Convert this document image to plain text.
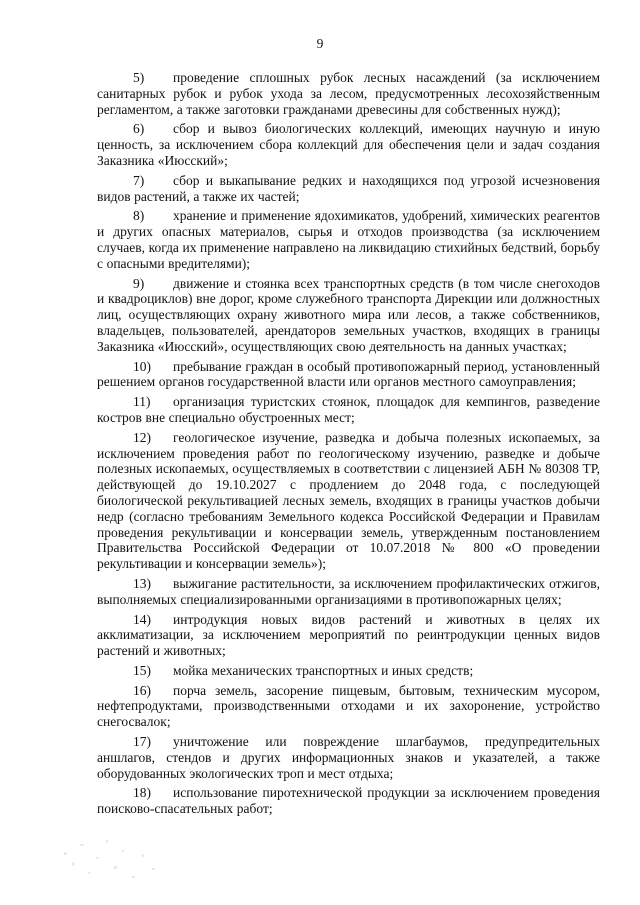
9

5) проведение сплошных рубок лесных насаждений (за исключением санитарных рубок и рубок ухода за лесом, предусмотренных лесохозяйственным регламентом, а также заготовки гражданами древесины для собственных нужд);

6) сбор и вывоз биологических коллекций, имеющих научную и иную ценность, за исключением сбора коллекций для обеспечения цели и задач создания Заказника «Июсский»;

7) сбор и выкапывание редких и находящихся под угрозой исчезновения видов растений, а также их частей;

8) хранение и применение ядохимикатов, удобрений, химических реагентов и других опасных материалов, сырья и отходов производства (за исключением случаев, когда их применение направлено на ликвидацию стихийных бедствий, борьбу с опасными вредителями);

9) движение и стоянка всех транспортных средств (в том числе снегоходов и квадроциклов) вне дорог, кроме служебного транспорта Дирекции или должностных лиц, осуществляющих охрану животного мира или лесов, а также собственников, владельцев, пользователей, арендаторов земельных участков, входящих в границы Заказника «Июсский», осуществляющих свою деятельность на данных участках;

10) пребывание граждан в особый противопожарный период, установленный решением органов государственной власти или органов местного самоуправления;

11) организация туристских стоянок, площадок для кемпингов, разведение костров вне специально обустроенных мест;

12) геологическое изучение, разведка и добыча полезных ископаемых, за исключением проведения работ по геологическому изучению, разведке и добыче полезных ископаемых, осуществляемых в соответствии с лицензией АБН № 80308 ТР, действующей до 19.10.2027 с продлением до 2048 года, с последующей биологической рекультивацией лесных земель, входящих в границы участков добычи недр (согласно требованиям Земельного кодекса Российской Федерации и Правилам проведения рекультивации и консервации земель, утвержденным постановлением Правительства Российской Федерации от 10.07.2018 № 800 «О проведении рекультивации и консервации земель»);

13) выжигание растительности, за исключением профилактических отжигов, выполняемых специализированными организациями в противопожарных целях;

14) интродукция новых видов растений и животных в целях их акклиматизации, за исключением мероприятий по реинтродукции ценных видов растений и животных;

15) мойка механических транспортных и иных средств;

16) порча земель, засорение пищевым, бытовым, техническим мусором, нефтепродуктами, производственными отходами и их захоронение, устройство снегосвалок;

17) уничтожение или повреждение шлагбаумов, предупредительных аншлагов, стендов и других информационных знаков и указателей, а также оборудованных экологических троп и мест отдыха;

18) использование пиротехнической продукции за исключением проведения поисково-спасательных работ;
